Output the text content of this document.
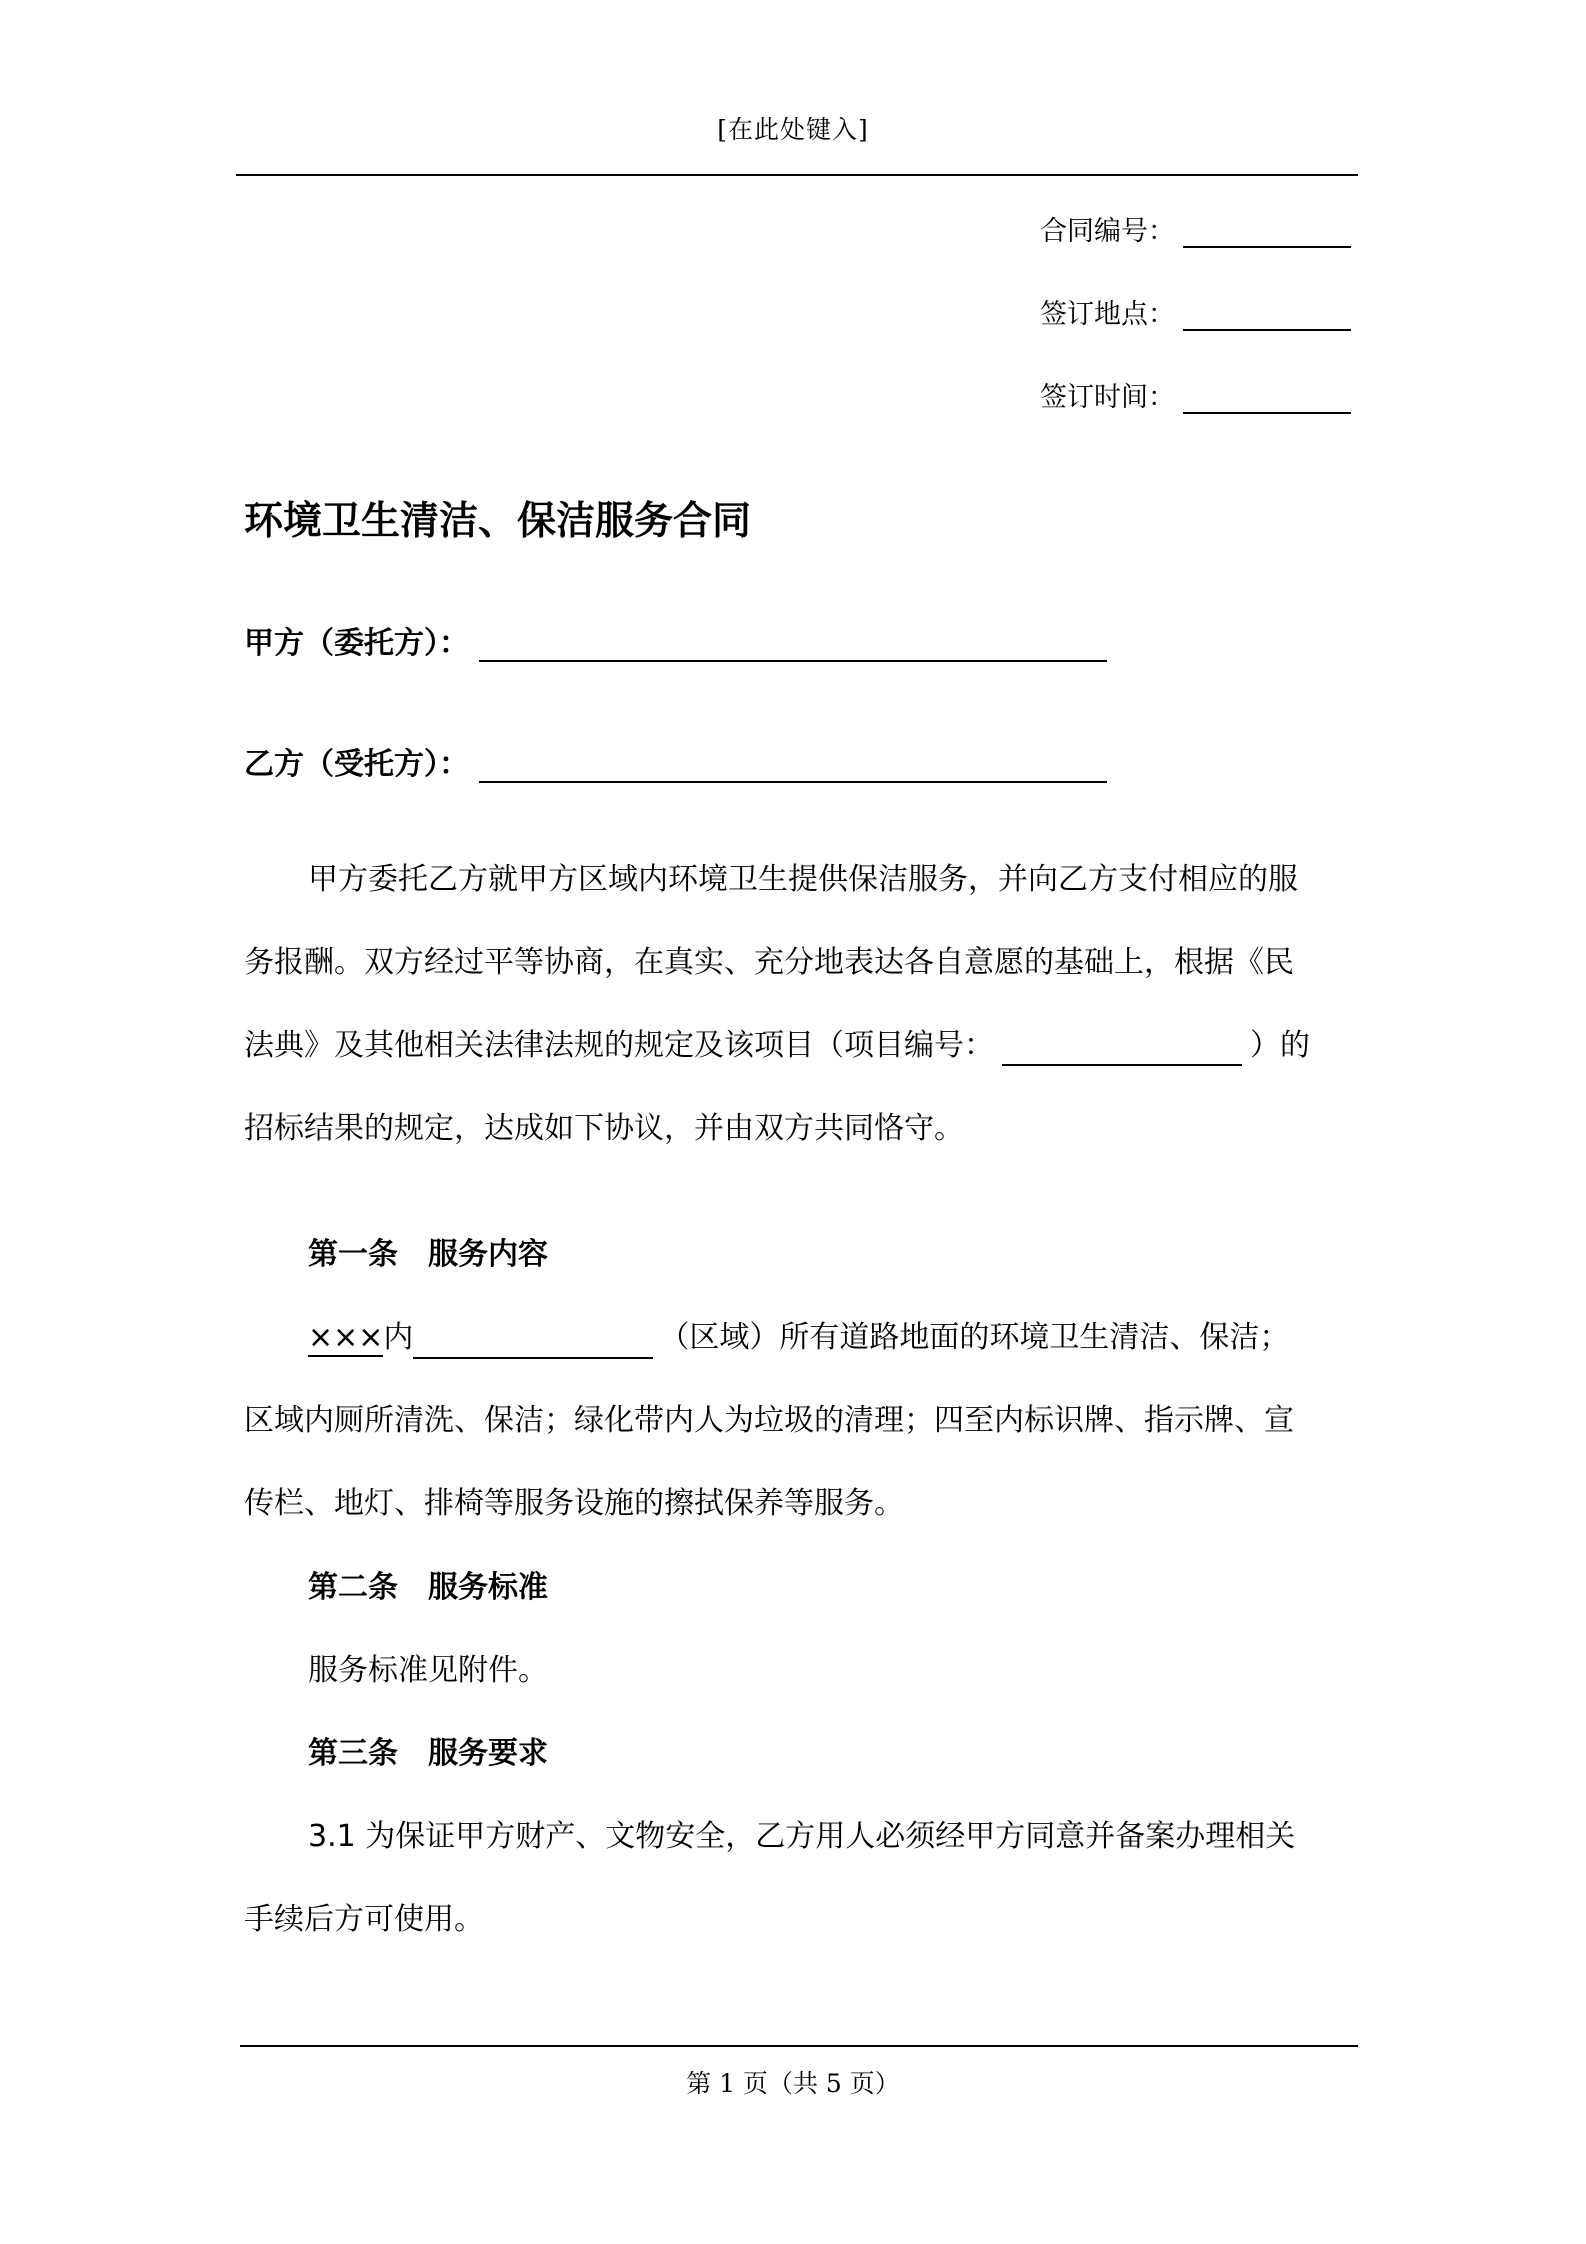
[在此处键入]
合同编号：
签订地点：
签订时间：
环境卫生清洁、保洁服务合同
甲方（委托方）：
乙方（受托方）：
甲方委托乙方就甲方区域内环境卫生提供保洁服务，并向乙方支付相应的服
务报酬。双方经过平等协商，在真实、充分地表达各自意愿的基础上，根据《民
法典》及其他相关法律法规的规定及该项目（项目编号：	）的
招标结果的规定，达成如下协议，并由双方共同恪守。
第一条 服务内容
×××内	（区域）所有道路地面的环境卫生清洁、保洁；
区域内厕所清洗、保洁；绿化带内人为垃圾的清理；四至内标识牌、指示牌、宣
传栏、地灯、排椅等服务设施的擦拭保养等服务。
第二条 服务标准
服务标准见附件。
第三条 服务要求
3.1 为保证甲方财产、文物安全，乙方用人必须经甲方同意并备案办理相关
手续后方可使用。
第 1 页（共 5 页）
